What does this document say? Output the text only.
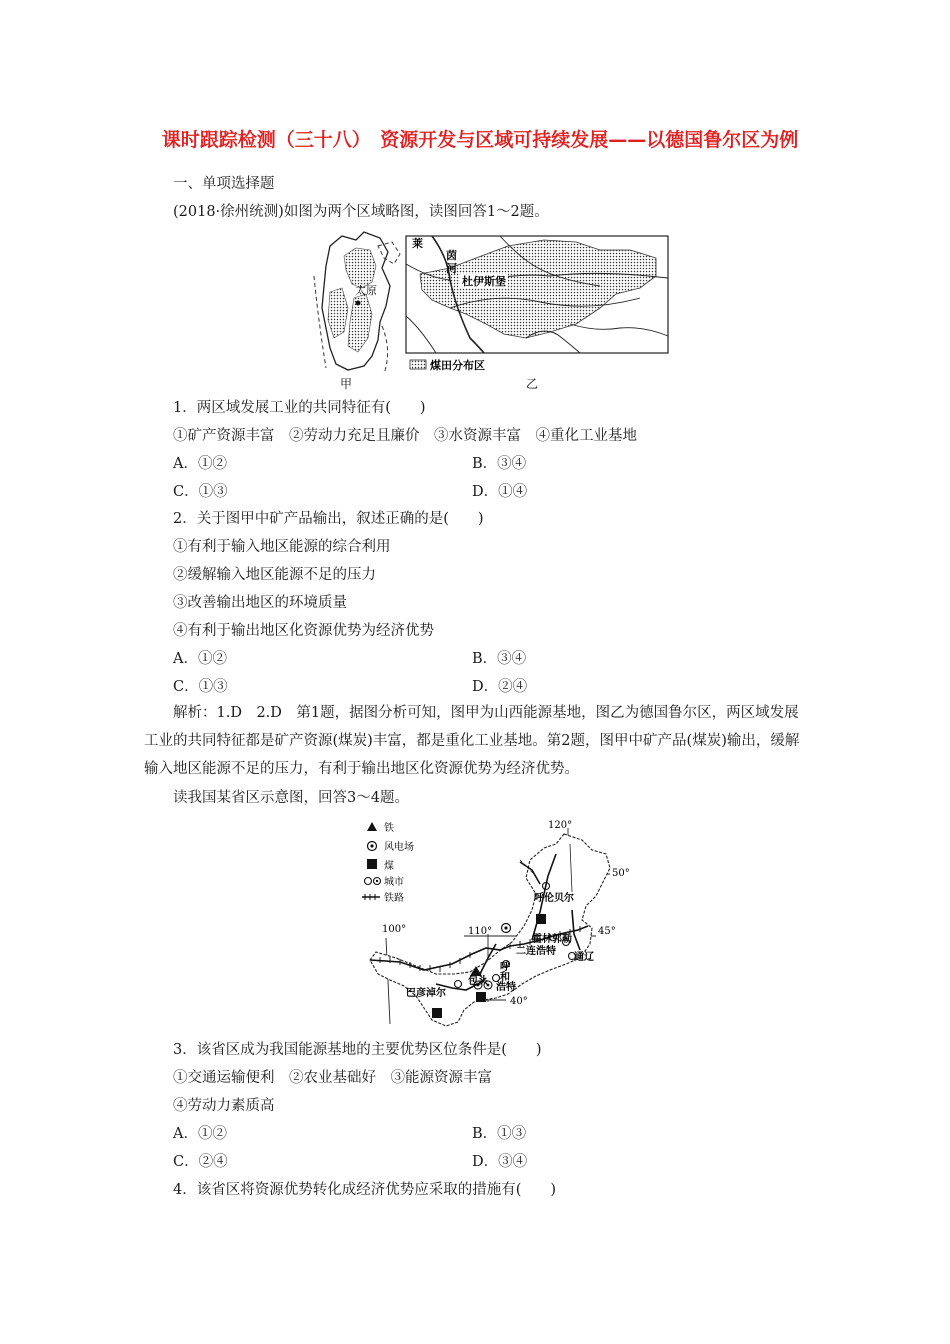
课时跟踪检测（三十八）　资源开发与区域可持续发展——以德国鲁尔区为例
一、单项选择题
(2018·徐州统测)如图为两个区域略图，读图回答1～2题。
太原
甲
莱
茵
河
杜伊斯堡
煤田分布区
乙
1．两区域发展工业的共同特征有(　　)
①矿产资源丰富　②劳动力充足且廉价　③水资源丰富　④重化工业基地
A．①②	B．③④
C．①③	D．①④
2．关于图甲中矿产品输出，叙述正确的是(　　)
①有利于输入地区能源的综合利用
②缓解输入地区能源不足的压力
③改善输出地区的环境质量
④有利于输出地区化资源优势为经济优势
A．①②	B．③④
C．①③	D．②④
解析：1.D　2.D　第1题，据图分析可知，图甲为山西能源基地，图乙为德国鲁尔区，两区域发展工业的共同特征都是矿产资源(煤炭)丰富，都是重化工业基地。第2题，图甲中矿产品(煤炭)输出，缓解输入地区能源不足的压力，有利于输出地区化资源优势为经济优势。
读我国某省区示意图，回答3～4题。
铁
风电场
煤
城市
铁路
120°
50°
45°
110°
100°
40°
呼伦贝尔
霍林郭勒
二连浩特
通辽
呼
和
浩特
包头
巴彦淖尔
3．该省区成为我国能源基地的主要优势区位条件是(　　)
①交通运输便利　②农业基础好　③能源资源丰富
④劳动力素质高
A．①②	B．①③
C．②④	D．③④
4．该省区将资源优势转化成经济优势应采取的措施有(　　)
